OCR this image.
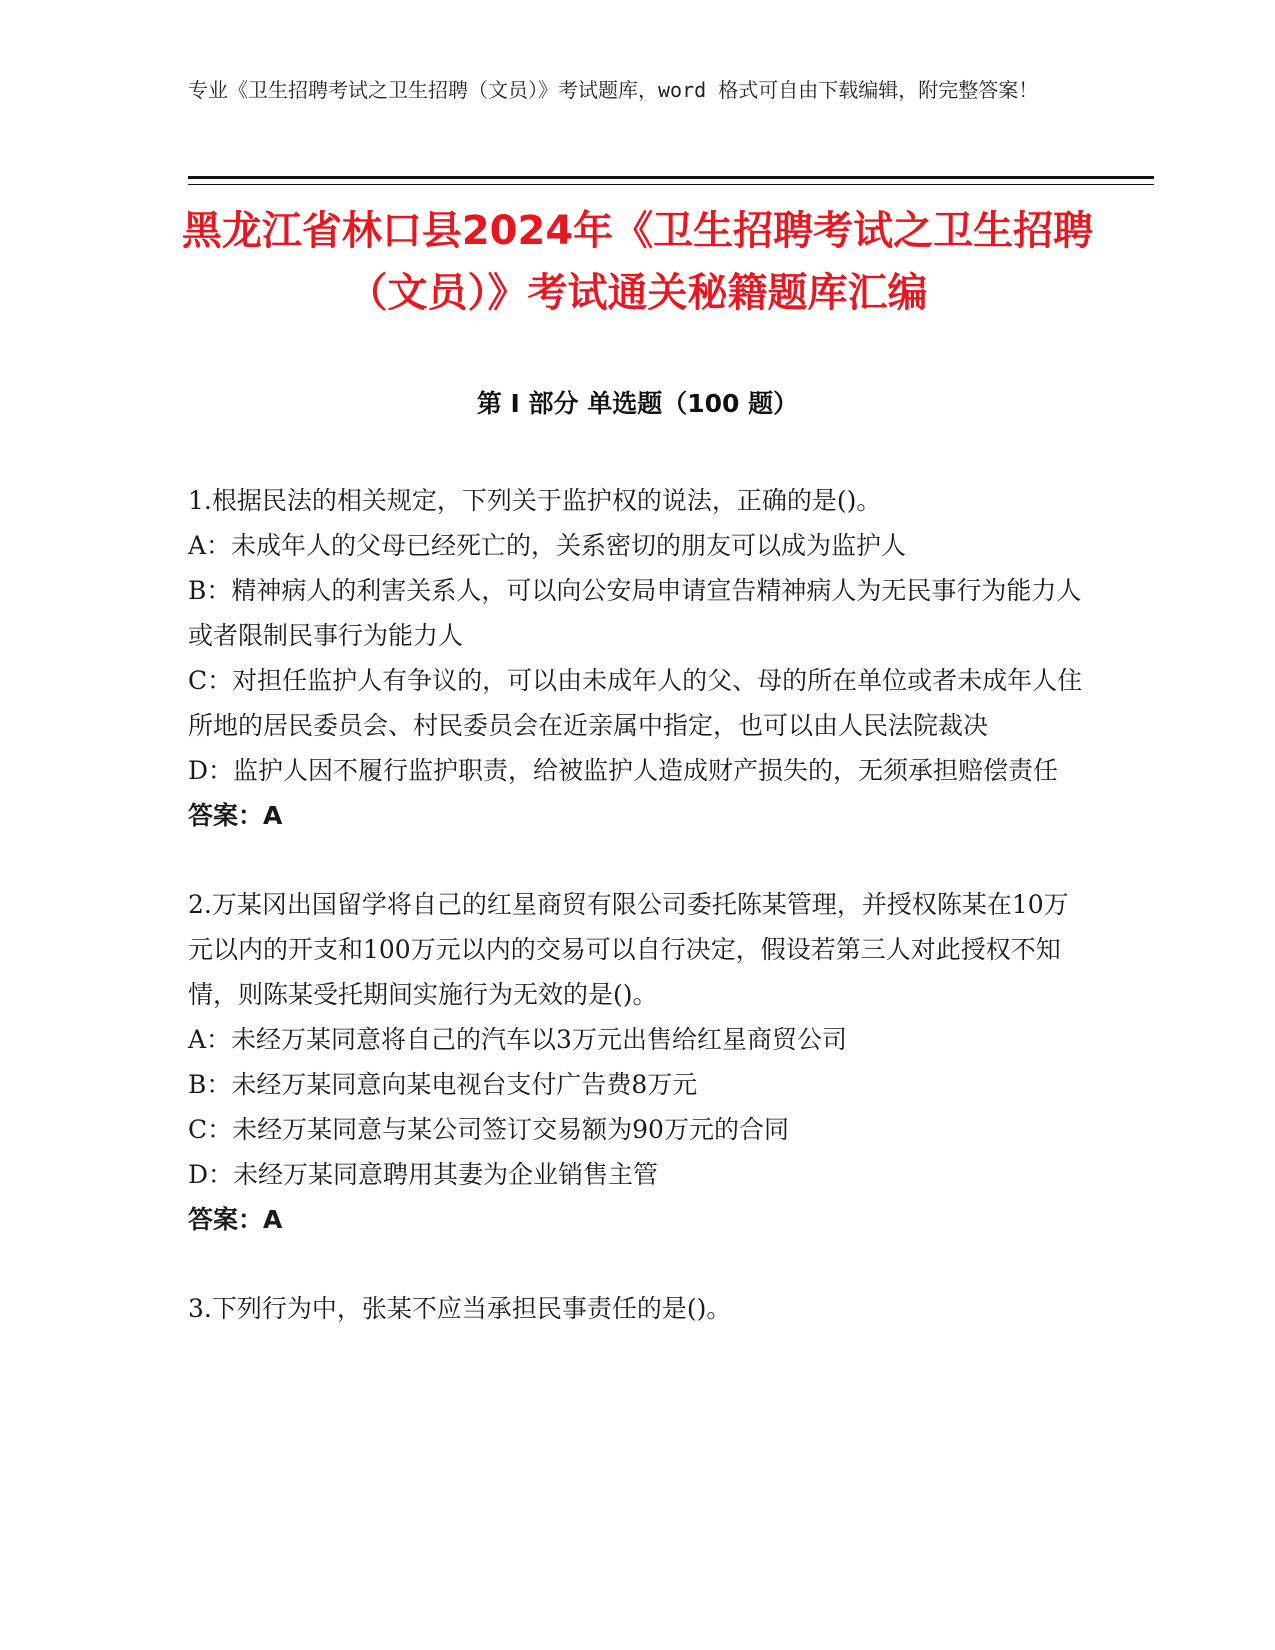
专业《卫生招聘考试之卫生招聘（文员）》考试题库，word 格式可自由下载编辑，附完整答案！
黑龙江省林口县2024年《卫生招聘考试之卫生招聘（文员）》考试通关秘籍题库汇编
第 I 部分 单选题（100 题）

1.根据民法的相关规定，下列关于监护权的说法，正确的是()。

A：未成年人的父母已经死亡的，关系密切的朋友可以成为监护人

B：精神病人的利害关系人，可以向公安局申请宣告精神病人为无民事行为能力人或者限制民事行为能力人

C：对担任监护人有争议的，可以由未成年人的父、母的所在单位或者未成年人住所地的居民委员会、村民委员会在近亲属中指定，也可以由人民法院裁决

D：监护人因不履行监护职责，给被监护人造成财产损失的，无须承担赔偿责任

答案：A

2.万某冈出国留学将自己的红星商贸有限公司委托陈某管理，并授权陈某在10万元以内的开支和100万元以内的交易可以自行决定，假设若第三人对此授权不知情，则陈某受托期间实施行为无效的是()。

A：未经万某同意将自己的汽车以3万元出售给红星商贸公司

B：未经万某同意向某电视台支付广告费8万元

C：未经万某同意与某公司签订交易额为90万元的合同

D：未经万某同意聘用其妻为企业销售主管

答案：A

3.下列行为中，张某不应当承担民事责任的是()。
